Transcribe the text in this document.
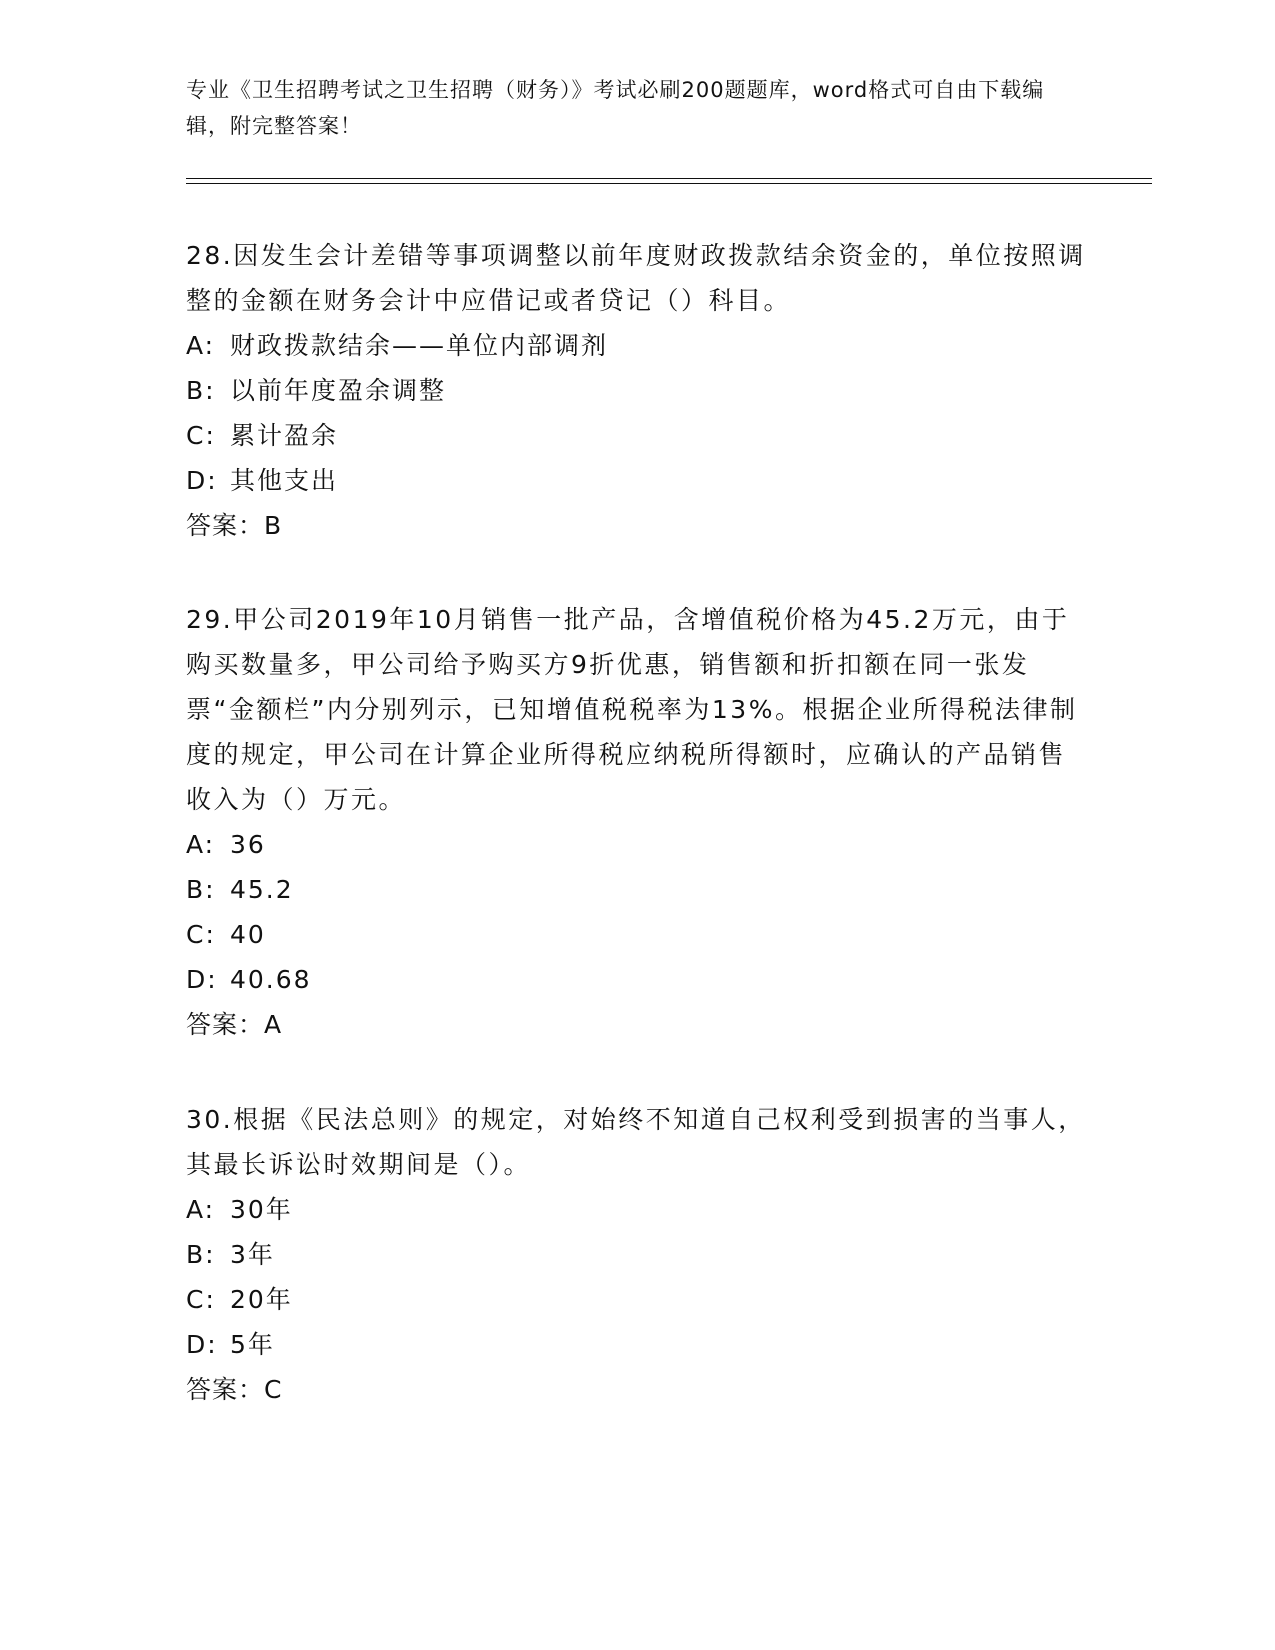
专业《卫生招聘考试之卫生招聘（财务）》考试必刷200题题库，word格式可自由下载编辑，附完整答案！

28.因发生会计差错等事项调整以前年度财政拨款结余资金的，单位按照调整的金额在财务会计中应借记或者贷记（）科目。

A: 财政拨款结余——单位内部调剂
B: 以前年度盈余调整
C: 累计盈余
D: 其他支出

答案：B

29.甲公司2019年10月销售一批产品，含增值税价格为45.2万元，由于购买数量多，甲公司给予购买方9折优惠，销售额和折扣额在同一张发票“金额栏”内分别列示，已知增值税税率为13%。根据企业所得税法律制度的规定，甲公司在计算企业所得税应纳税所得额时，应确认的产品销售收入为（）万元。

A: 36
B: 45.2
C: 40
D: 40.68

答案：A

30.根据《民法总则》的规定，对始终不知道自己权利受到损害的当事人，其最长诉讼时效期间是（）。

A: 30年
B: 3年
C: 20年
D: 5年

答案：C
